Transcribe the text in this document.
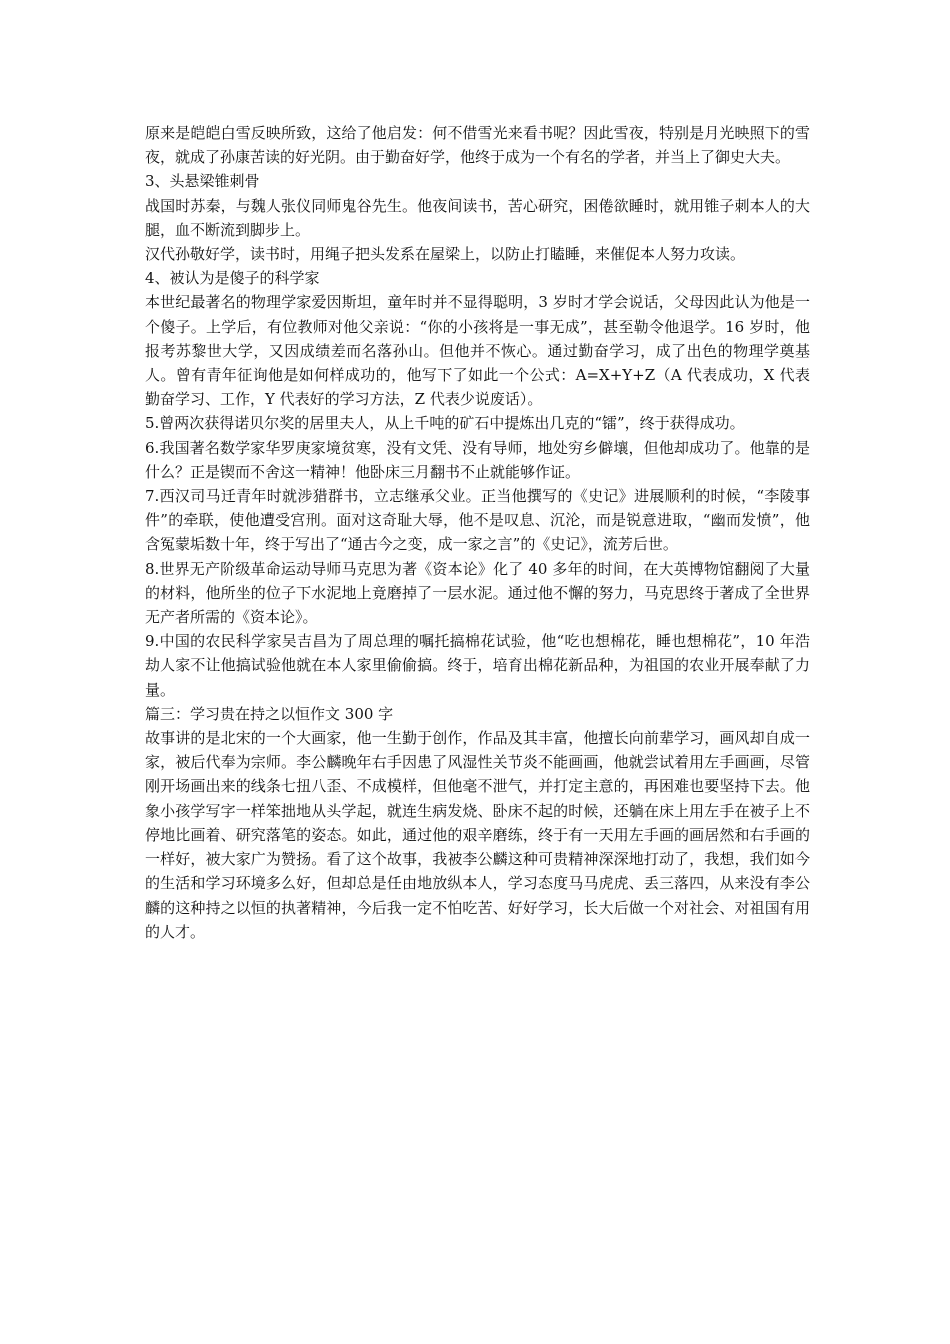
原来是皑皑白雪反映所致，这给了他启发：何不借雪光来看书呢？因此雪夜，特别是月光映照下的雪夜，就成了孙康苦读的好光阴。由于勤奋好学，他终于成为一个有名的学者，并当上了御史大夫。

3、头悬梁锥刺骨

战国时苏秦，与魏人张仪同师鬼谷先生。他夜间读书，苦心研究，困倦欲睡时，就用锥子刺本人的大腿，血不断流到脚步上。

汉代孙敬好学，读书时，用绳子把头发系在屋梁上，以防止打瞌睡，来催促本人努力攻读。

4、被认为是傻子的科学家

本世纪最著名的物理学家爱因斯坦，童年时并不显得聪明，3 岁时才学会说话，父母因此认为他是一个傻子。上学后，有位教师对他父亲说：“你的小孩将是一事无成”，甚至勒令他退学。16 岁时，他报考苏黎世大学，又因成绩差而名落孙山。但他并不恢心。通过勤奋学习，成了出色的物理学奠基人。曾有青年征询他是如何样成功的，他写下了如此一个公式：A=X+Y+Z（A 代表成功，X 代表勤奋学习、工作，Y 代表好的学习方法，Z 代表少说废话）。

5.曾两次获得诺贝尔奖的居里夫人，从上千吨的矿石中提炼出几克的“镭”，终于获得成功。

6.我国著名数学家华罗庚家境贫寒，没有文凭、没有导师，地处穷乡僻壤，但他却成功了。他靠的是什么？正是锲而不舍这一精神！他卧床三月翻书不止就能够作证。

7.西汉司马迁青年时就涉猎群书，立志继承父业。正当他撰写的《史记》进展顺利的时候，“李陵事件”的牵联，使他遭受宫刑。面对这奇耻大辱，他不是叹息、沉沦，而是锐意进取，“幽而发愤”，他含冤蒙垢数十年，终于写出了“通古今之变，成一家之言”的《史记》，流芳后世。

8.世界无产阶级革命运动导师马克思为著《资本论》化了 40 多年的时间，在大英博物馆翻阅了大量的材料，他所坐的位子下水泥地上竟磨掉了一层水泥。通过他不懈的努力，马克思终于著成了全世界无产者所需的《资本论》。

9.中国的农民科学家吴吉昌为了周总理的嘱托搞棉花试验，他“吃也想棉花，睡也想棉花”，10 年浩劫人家不让他搞试验他就在本人家里偷偷搞。终于，培育出棉花新品种，为祖国的农业开展奉献了力量。

篇三：学习贵在持之以恒作文 300 字

故事讲的是北宋的一个大画家，他一生勤于创作，作品及其丰富，他擅长向前辈学习，画风却自成一家，被后代奉为宗师。李公麟晚年右手因患了风湿性关节炎不能画画，他就尝试着用左手画画，尽管刚开场画出来的线条七扭八歪、不成模样，但他毫不泄气，并打定主意的，再困难也要坚持下去。他象小孩学写字一样笨拙地从头学起，就连生病发烧、卧床不起的时候，还躺在床上用左手在被子上不停地比画着、研究落笔的姿态。如此，通过他的艰辛磨练，终于有一天用左手画的画居然和右手画的一样好，被大家广为赞扬。看了这个故事，我被李公麟这种可贵精神深深地打动了，我想，我们如今的生活和学习环境多么好，但却总是任由地放纵本人，学习态度马马虎虎、丢三落四，从来没有李公麟的这种持之以恒的执著精神，今后我一定不怕吃苦、好好学习，长大后做一个对社会、对祖国有用的人才。
